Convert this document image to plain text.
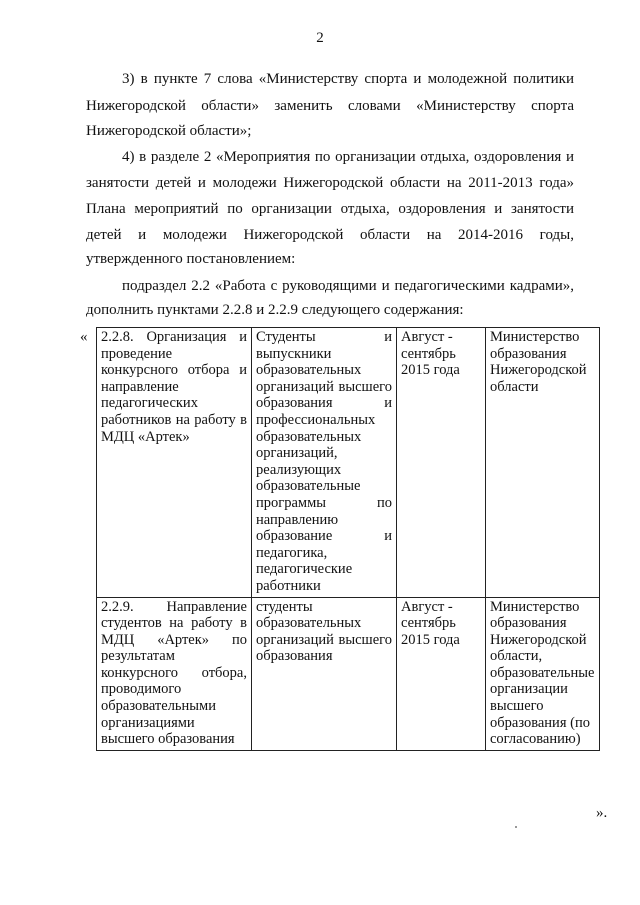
2

3) в пункте 7 слова «Министерству спорта и молодежной политики

Нижегородской области» заменить словами «Министерству спорта

Нижегородской области»;

4) в разделе 2 «Мероприятия по организации отдыха, оздоровления и

занятости детей и молодежи Нижегородской области на 2011-2013 года»

Плана мероприятий по организации отдыха, оздоровления и занятости

детей и молодежи Нижегородской области на 2014-2016 годы,

утвержденного постановлением:

подраздел 2.2 «Работа с руководящими и педагогическими кадрами»,

дополнить пунктами 2.2.8 и 2.2.9 следующего содержания:

« 2.2.8. Организация и проведение конкурсного отбора и направление педагогических работников на работу в МДЦ «Артек»	Студенты и выпускники образовательных организаций высшего образования и профессиональных образовательных организаций, реализующих образовательные программы по направлению образование и педагогика, педагогические работники	Август - сентябрь 2015 года	Министерство образования Нижегородской области
2.2.9. Направление студентов на работу в МДЦ «Артек» по результатам конкурсного отбора, проводимого образовательными организациями высшего образования	студенты образовательных организаций высшего образования	Август - сентябрь 2015 года	Министерство образования Нижегородской области, образовательные организации высшего образования (по согласованию)
».
